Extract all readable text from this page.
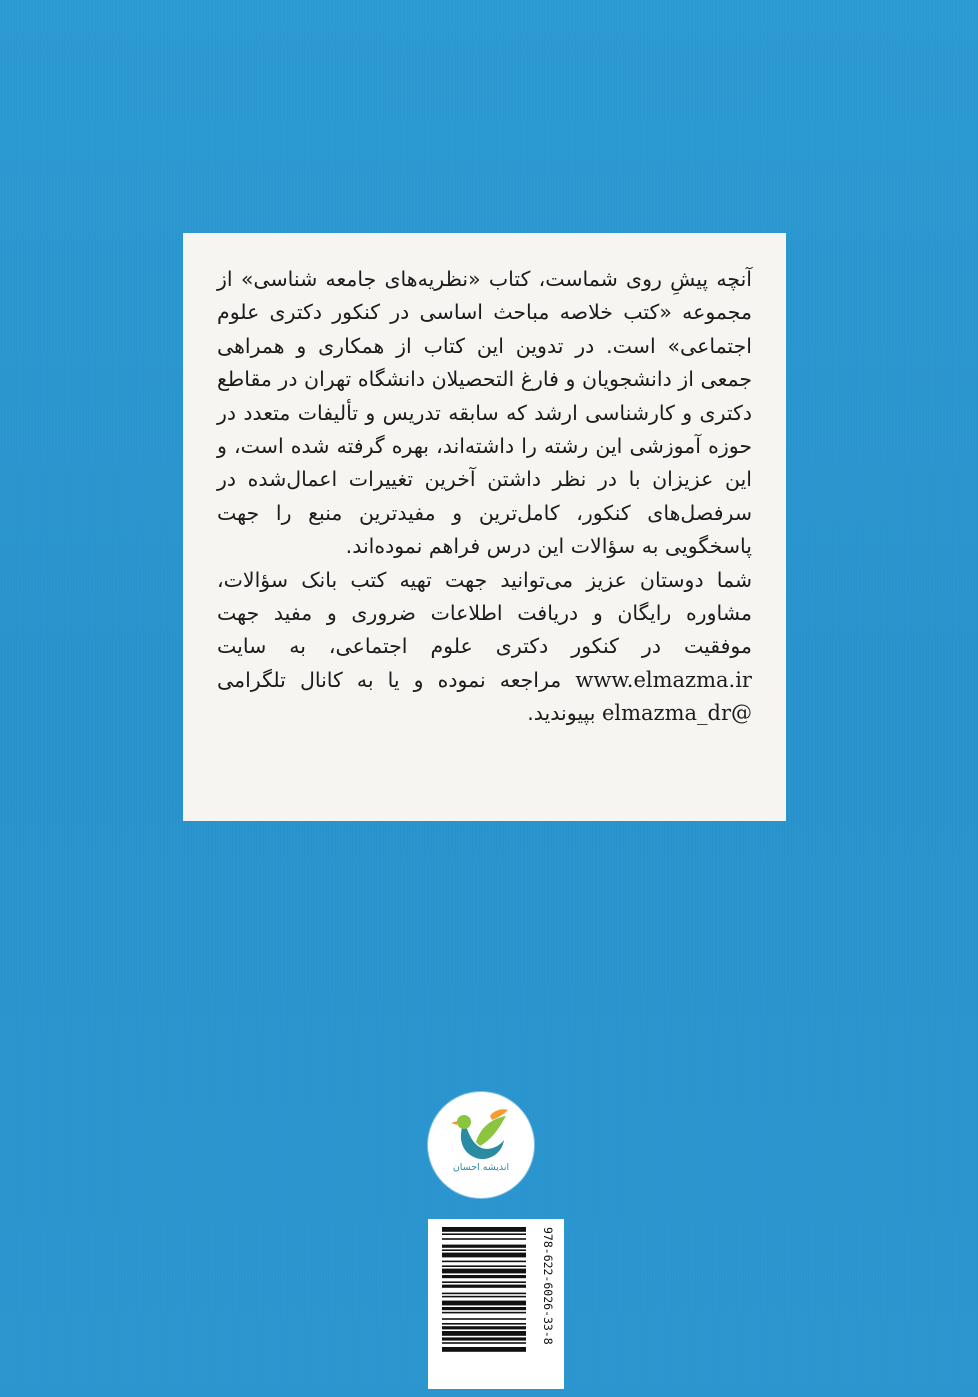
آنچه پیشِ روی شماست، کتاب «نظریه‌های جامعه شناسی» از مجموعه «کتب خلاصه مباحث اساسی در کنکور دکتری علوم اجتماعی» است. در تدوین این کتاب از همکاری و همراهی جمعی از دانشجویان و فارغ التحصیلان دانشگاه تهران در مقاطع دکتری و کارشناسی ارشد که سابقه تدریس و تألیفات متعدد در حوزه آموزشی این رشته را داشته‌اند، بهره گرفته شده است، و این عزیزان با در نظر داشتن آخرین تغییرات اعمال‌شده در سرفصل‌های کنکور، کامل‌ترین و مفیدترین منبع را جهت پاسخگویی به سؤالات این درس فراهم نموده‌اند.

شما دوستان عزیز می‌توانید جهت تهیه کتب بانک سؤالات، مشاوره رایگان و دریافت اطلاعات ضروری و مفید جهت موفقیت در کنکور دکتری علوم اجتماعی، به سایت www.elmazma.ir مراجعه نموده و یا به کانال تلگرامی elmazma_dr@ بپیوندید.

اندیشه احسان
978-622-6026-33-8
